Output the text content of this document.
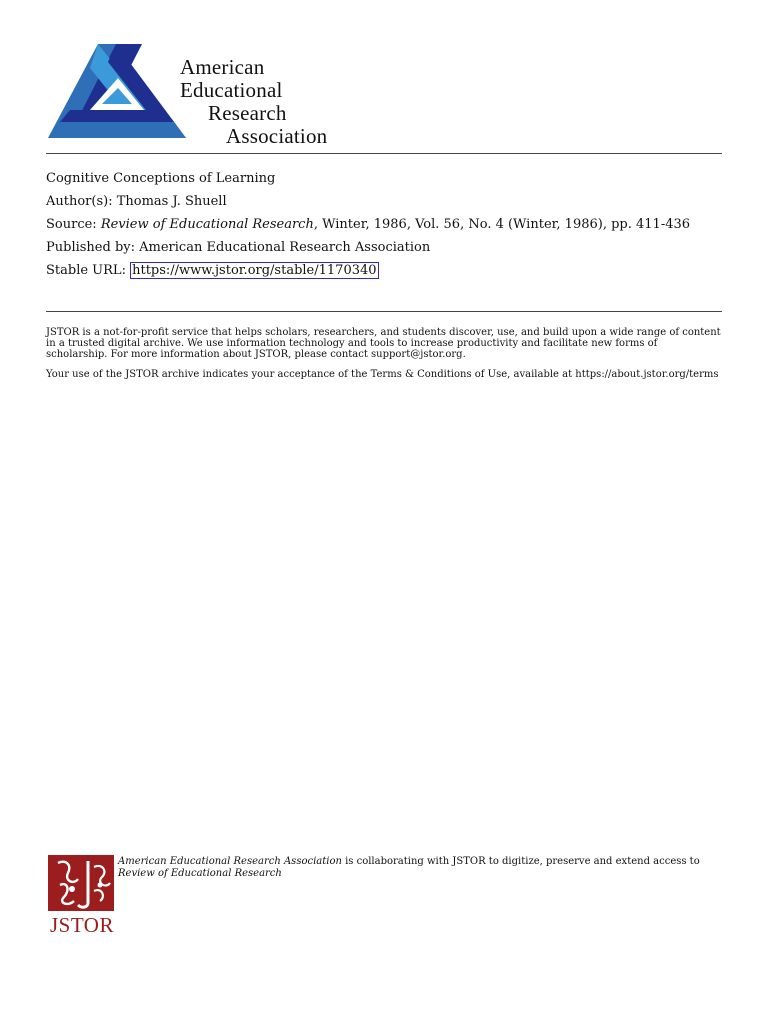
American
Educational
Research
Association
Cognitive Conceptions of Learning
Author(s): Thomas J. Shuell
Source: Review of Educational Research, Winter, 1986, Vol. 56, No. 4 (Winter, 1986), pp. 411-436
Published by: American Educational Research Association
Stable URL: https://www.jstor.org/stable/1170340
JSTOR is a not-for-profit service that helps scholars, researchers, and students discover, use, and build upon a wide range of content in a trusted digital archive. We use information technology and tools to increase productivity and facilitate new forms of scholarship. For more information about JSTOR, please contact support@jstor.org.
Your use of the JSTOR archive indicates your acceptance of the Terms & Conditions of Use, available at https://about.jstor.org/terms
JSTOR
American Educational Research Association is collaborating with JSTOR to digitize, preserve and extend access to Review of Educational Research
